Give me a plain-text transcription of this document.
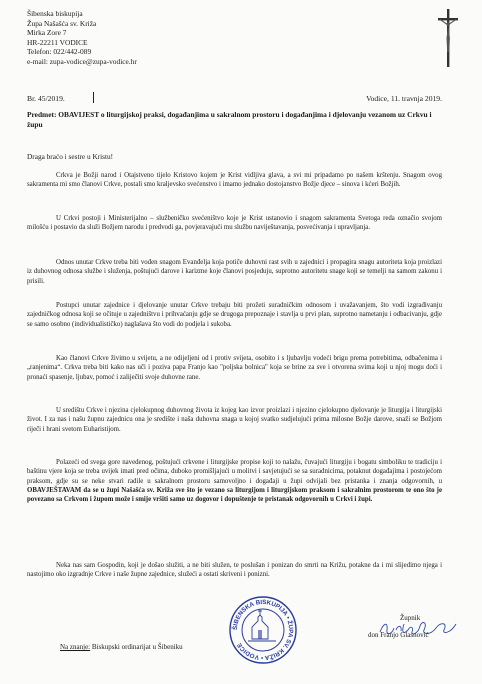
Šibenska biskupija
Župa Našašća sv. Križa
Mirka Zore 7
HR-22211 VODICE
Telefon: 022/442-089
e-mail: zupa-vodice@zupa-vodice.hr
Br. 45/2019.	Vodice, 11. travnja 2019.
Predmet: OBAVIJEST o liturgijskoj praksi, događanjima u sakralnom prostoru i događanjima i djelovanju vezanom uz Crkvu i župu
Draga braćo i sestre u Kristu!

Crkva je Božji narod i Otajstveno tijelo Kristovo kojem je Krist vidljiva glava, a svi mi pripadamo po našem krštenju. Snagom ovog sakramenta mi smo članovi Crkve, postali smo kraljevsko svećenstvo i imamo jednako dostojanstvo Božje djece – sinova i kćeri Božjih.

U Crkvi postoji i Ministerijalno – službeničko svećeništvo koje je Krist ustanovio i snagom sakramenta Svetoga reda označio svojom milošću i postavio da služi Božjem narodu i predvodi ga, povjeravajući mu službu naviještavanja, posvećivanja i upravljanja.

Odnos unutar Crkve treba biti vođen snagom Evanđelja koja potiče duhovni rast svih u zajednici i propagira snagu autoriteta koja proizlazi iz duhovnog odnosa službe i služenja, poštujući darove i karizme koje članovi posjeduju, suprotno autoritetu snage koji se temelji na samom zakonu i prisili.

Postupci unutar zajednice i djelovanje unutar Crkve trebaju biti prožeti suradničkim odnosom i uvažavanjem, što vodi izgrađivanju zajedničkog odnosa koji se očituje u zajedništvu i prihvaćanju gdje se drugoga prepoznaje i stavlja u prvi plan, suprotno nametanju i odbacivanju, gdje se samo osobno (individualističko) naglašava što vodi do podjela i sukoba.

Kao članovi Crkve živimo u svijetu, a ne odijeljeni od i protiv svijeta, osobito i s ljubavlju vodeći brigu prema potrebitima, odbačenima i „ranjenima“. Crkva treba biti kako nas uči i poziva papa Franjo kao "poljska bolnica" koja se brine za sve i otvorena svima koji u njoj mogu doći i pronaći spasenje, ljubav, pomoć i zaliječiti svoje duhovne rane.

U središtu Crkve i njezina cjelokupnog duhovnog života iz kojeg kao izvor proizlazi i njezino cjelokupno djelovanje je liturgija i liturgijski život. I za nas i našu župnu zajednicu ona je središte i naša duhovna snaga u kojoj svatko sudjelujući prima milosne Božje darove, snaži se Božjom riječi i hrani svetom Euharistijom.

Polazeći od svega gore navedenog, poštujući crkvene i liturgijske propise koji to nalažu, čuvajući liturgiju i bogatu simboliku te tradiciju i baštinu vjere koja se treba uvijek imati pred očima, duboko promišljajući u molitvi i savjetujući se sa suradnicima, potaknut događajima i postojećom praksom, gdje su se neke stvari radile u sakralnom prostoru samovoljno i događaji u župi odvijali bez pristanka i znanja odgovornih, u OBAVJEŠTAVAM da se u župi Našašća sv. Križa sve što je vezano sa liturgijom i liturgijskom praksom i sakralnim prostorom te ono što je povezano sa Crkvom i župom može i smije vršiti samo uz dogovor i dopuštenje te pristanak odgovornih u Crkvi i župi.

Neka nas sam Gospodin, koji je došao služiti, a ne biti služen, te poslušan i ponizan do smrti na Križu, potakne da i mi slijedimo njega i nastojimo oko izgradnje Crkve i naše župne zajednice, služeći a ostati skriveni i ponizni.

Župnik
don Franjo Glasnović
ŠIBENSKA BISKUPIJA • ŽUPA SV. KRIŽA • VODICE
Na znanje: Biskupski ordinarijat u Šibeniku
